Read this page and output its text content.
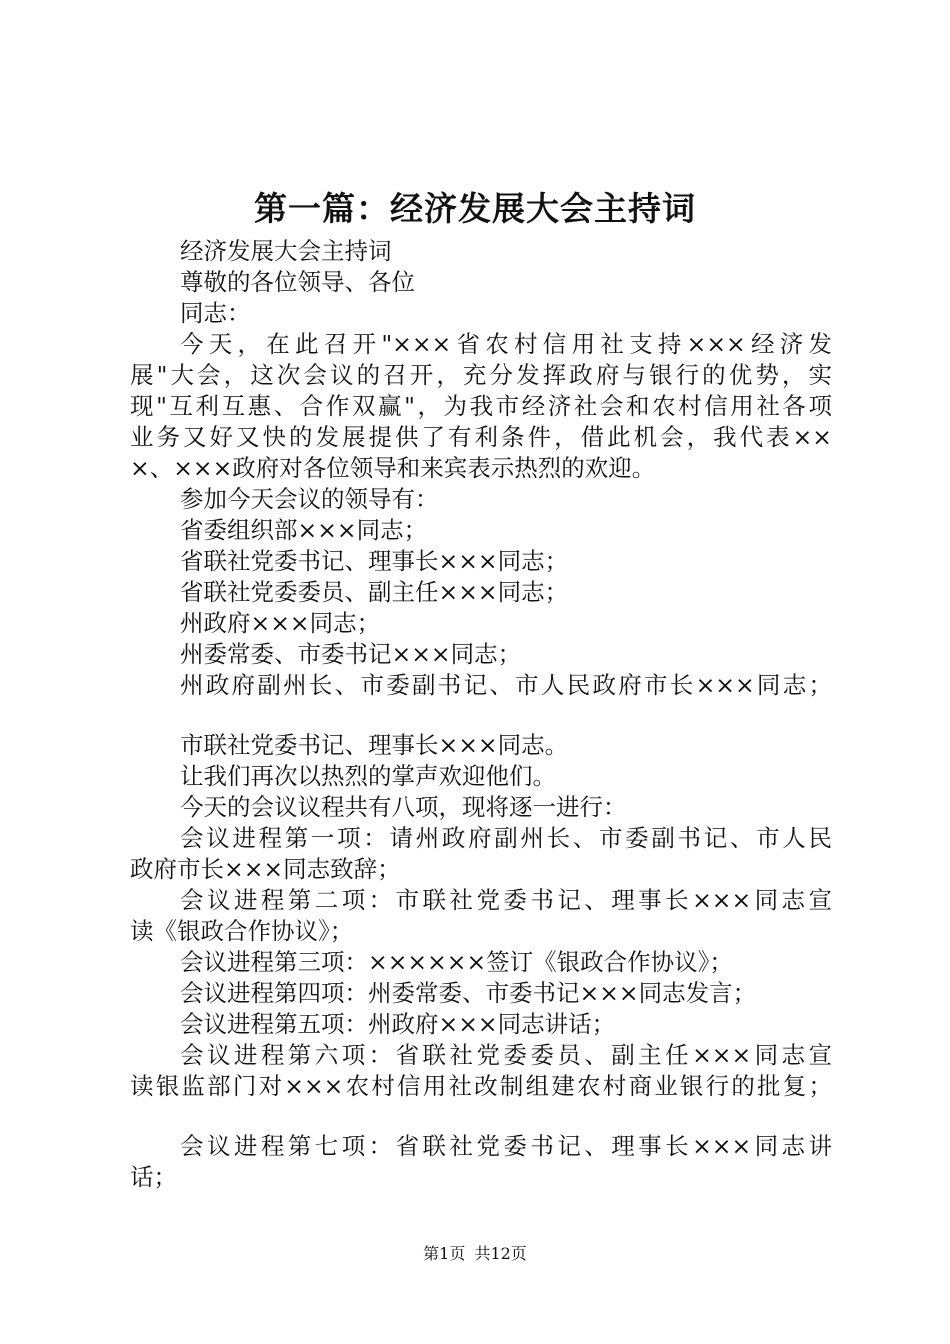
第一篇：经济发展大会主持词
经济发展大会主持词
尊敬的各位领导、各位
同志：
今天，在此召开"×××省农村信用社支持×××经济发
展"大会，这次会议的召开，充分发挥政府与银行的优势，实
现"互利互惠、合作双赢"，为我市经济社会和农村信用社各项
业务又好又快的发展提供了有利条件，借此机会，我代表××
×、×××政府对各位领导和来宾表示热烈的欢迎。
参加今天会议的领导有：
省委组织部×××同志；
省联社党委书记、理事长×××同志；
省联社党委委员、副主任×××同志；
州政府×××同志；
州委常委、市委书记×××同志；
州政府副州长、市委副书记、市人民政府市长×××同志；
市联社党委书记、理事长×××同志。
让我们再次以热烈的掌声欢迎他们。
今天的会议议程共有八项，现将逐一进行：
会议进程第一项：请州政府副州长、市委副书记、市人民
政府市长×××同志致辞；
会议进程第二项：市联社党委书记、理事长×××同志宣
读《银政合作协议》；
会议进程第三项：××××××签订《银政合作协议》；
会议进程第四项：州委常委、市委书记×××同志发言；
会议进程第五项：州政府×××同志讲话；
会议进程第六项：省联社党委委员、副主任×××同志宣
读银监部门对×××农村信用社改制组建农村商业银行的批复；
会议进程第七项：省联社党委书记、理事长×××同志讲
话；
第1页 共12页
